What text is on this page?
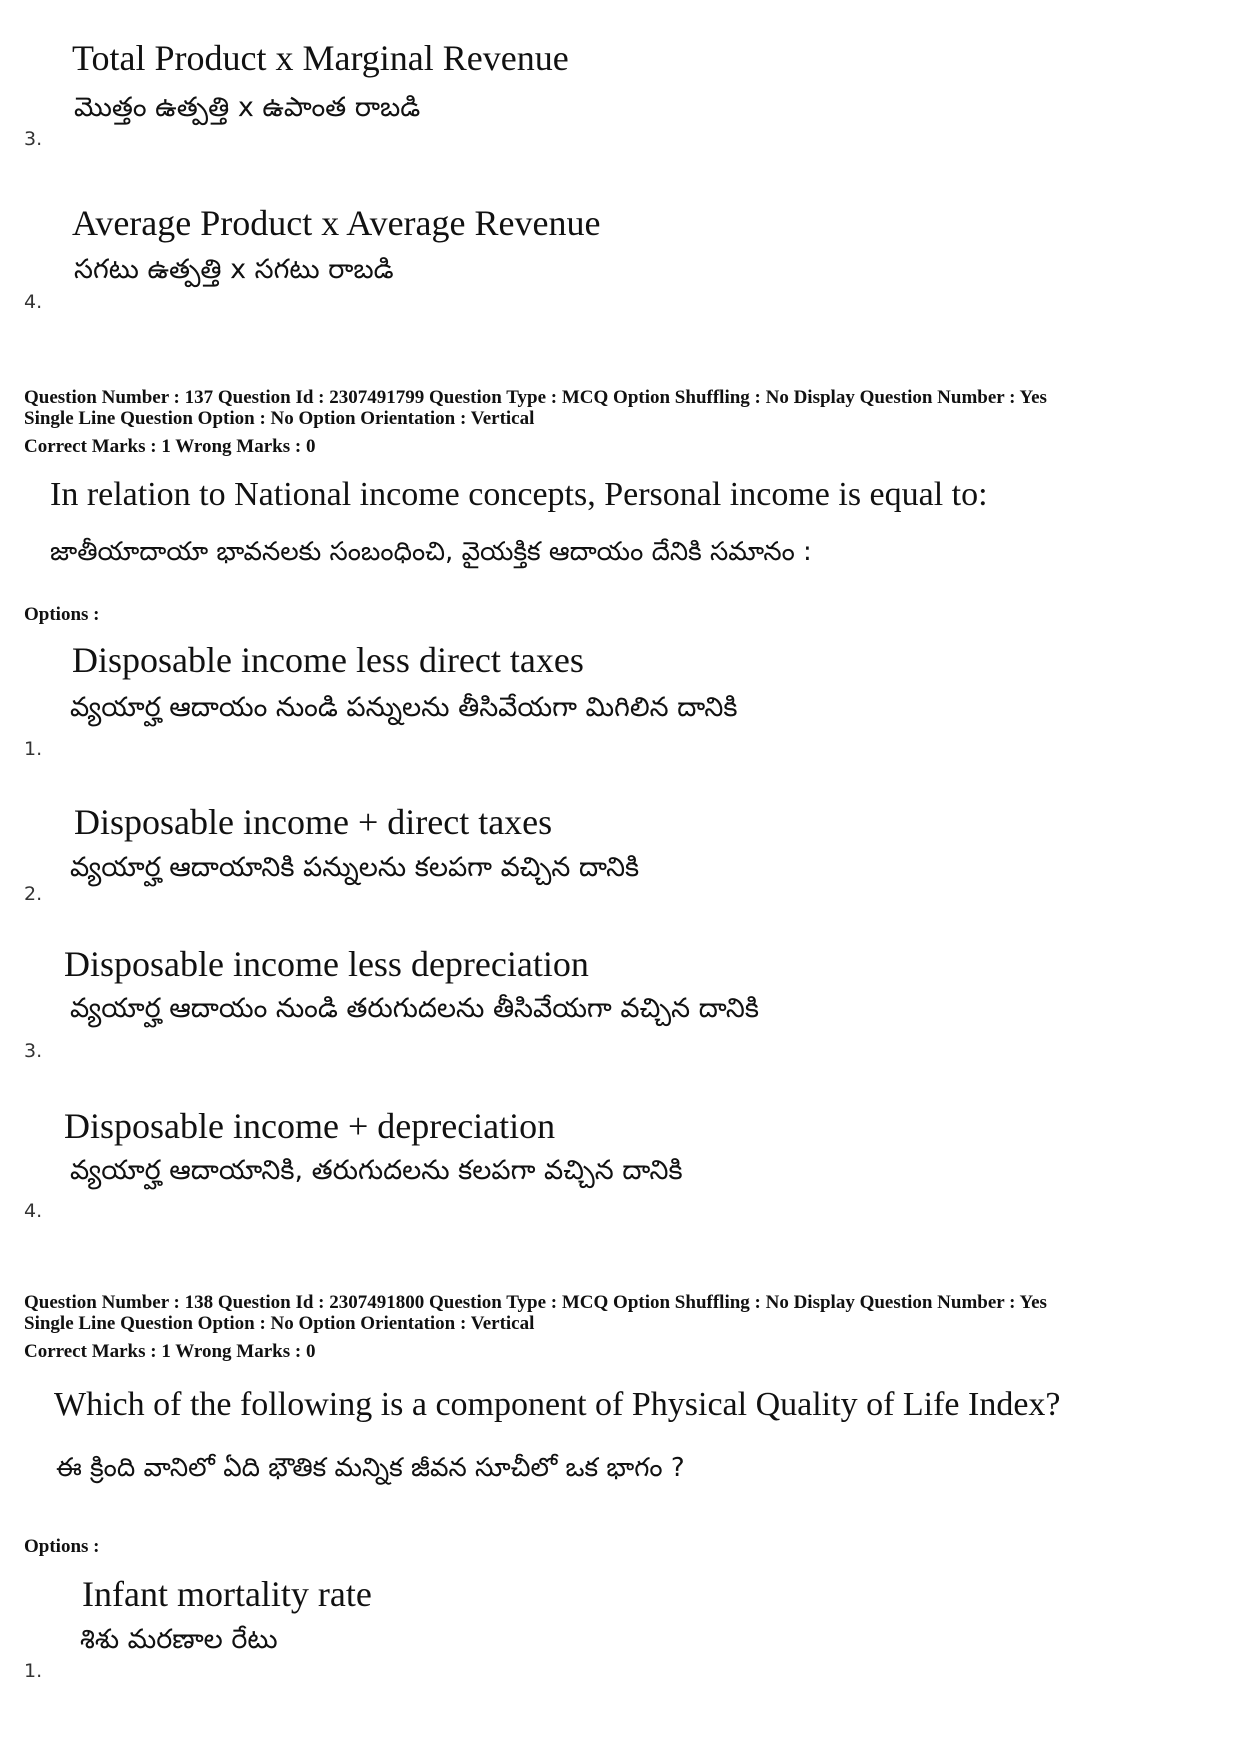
Total Product x Marginal Revenue
మొత్తం ఉత్పత్తి x ఉపాంత రాబడి
3.
Average Product x Average Revenue
సగటు ఉత్పత్తి x సగటు రాబడి
4.
Question Number : 137 Question Id : 2307491799 Question Type : MCQ Option Shuffling : No Display Question Number : Yes
Single Line Question Option : No Option Orientation : Vertical
Correct Marks : 1 Wrong Marks : 0
In relation to National income concepts, Personal income is equal to:
జాతీయాదాయా భావనలకు సంబంధించి, వైయక్తిక ఆదాయం దేనికి సమానం :
Options :
Disposable income less direct taxes
వ్యయార్హ ఆదాయం నుండి పన్నులను తీసివేయగా మిగిలిన దానికి
1.
Disposable income + direct taxes
వ్యయార్హ ఆదాయానికి పన్నులను కలపగా వచ్చిన దానికి
2.
Disposable income less depreciation
వ్యయార్హ ఆదాయం నుండి తరుగుదలను తీసివేయగా వచ్చిన దానికి
3.
Disposable income + depreciation
వ్యయార్హ ఆదాయానికి, తరుగుదలను కలపగా వచ్చిన దానికి
4.
Question Number : 138 Question Id : 2307491800 Question Type : MCQ Option Shuffling : No Display Question Number : Yes
Single Line Question Option : No Option Orientation : Vertical
Correct Marks : 1 Wrong Marks : 0
Which of the following is a component of Physical Quality of Life Index?
ఈ క్రింది వానిలో ఏది భౌతిక మన్నిక జీవన సూచీలో ఒక భాగం ?
Options :
Infant mortality rate
శిశు మరణాల రేటు
1.
